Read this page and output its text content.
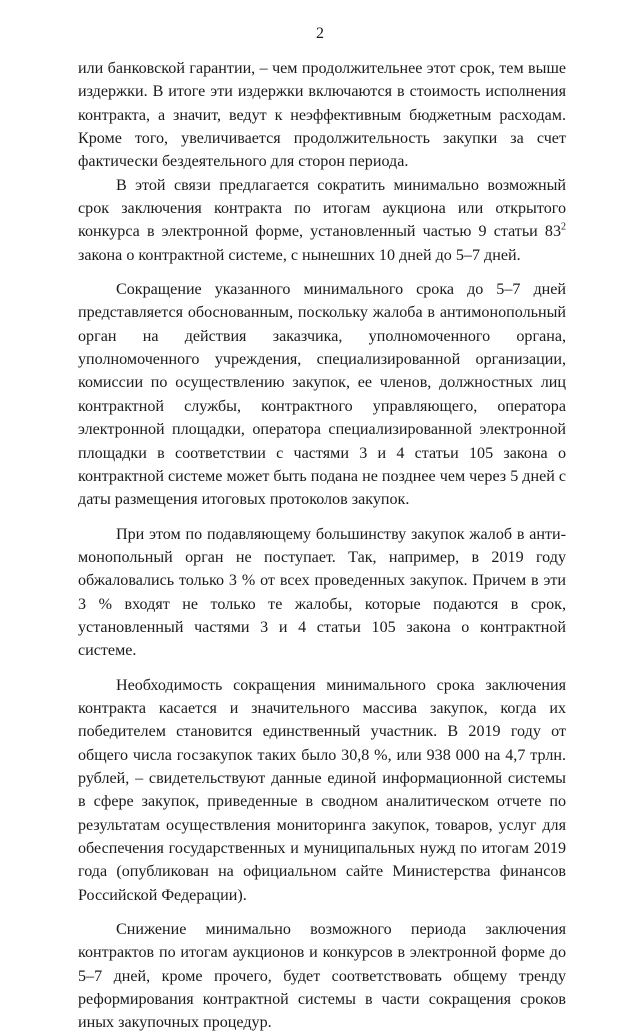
2

или банковской гарантии, – чем продолжительнее этот срок, тем выше издержки. В итоге эти издержки включаются в стоимость исполнения контракта, а значит, ведут к неэффективным бюджетным расходам. Кроме того, увеличивается продолжительность закупки за счет фактически бездеятельного для сторон периода.

В этой связи предлагается сократить минимально возможный срок заключения контракта по итогам аукциона или открытого конкурса в электронной форме, установленный частью 9 статьи $83^2$ закона о контрактной системе, с нынешних 10 дней до 5–7 дней.

Сокращение указанного минимального срока до 5–7 дней представляется обоснованным, поскольку жалоба в антимонопольный орган на действия заказчика, уполномоченного органа, уполномоченного учреждения, специализированной организации, комиссии по осуществлению закупок, ее членов, должностных лиц контрактной службы, контрактного управляющего, оператора электронной площадки, оператора специализированной электронной площадки в соответствии с частями 3 и 4 статьи 105 закона о контрактной системе может быть подана не позднее чем через 5 дней с даты размещения итоговых протоколов закупок.

При этом по подавляющему большинству закупок жалоб в антимонопольный орган не поступает. Так, например, в 2019 году обжаловались только 3 % от всех проведенных закупок. Причем в эти 3 % входят не только те жалобы, которые подаются в срок, установленный частями 3 и 4 статьи 105 закона о контрактной системе.

Необходимость сокращения минимального срока заключения контракта касается и значительного массива закупок, когда их победителем становится единственный участник. В 2019 году от общего числа госзакупок таких было 30,8 %, или 938 000 на 4,7 трлн. рублей, – свидетельствуют данные единой информационной системы в сфере закупок, приведенные в сводном аналитическом отчете по результатам осуществления мониторинга закупок, товаров, услуг для обеспечения государственных и муниципальных нужд по итогам 2019 года (опубликован на официальном сайте Министерства финансов Российской Федерации).

Снижение минимально возможного периода заключения контрактов по итогам аукционов и конкурсов в электронной форме до 5–7 дней, кроме прочего, будет соответствовать общему тренду реформирования контрактной системы в части сокращения сроков иных закупочных процедур.
